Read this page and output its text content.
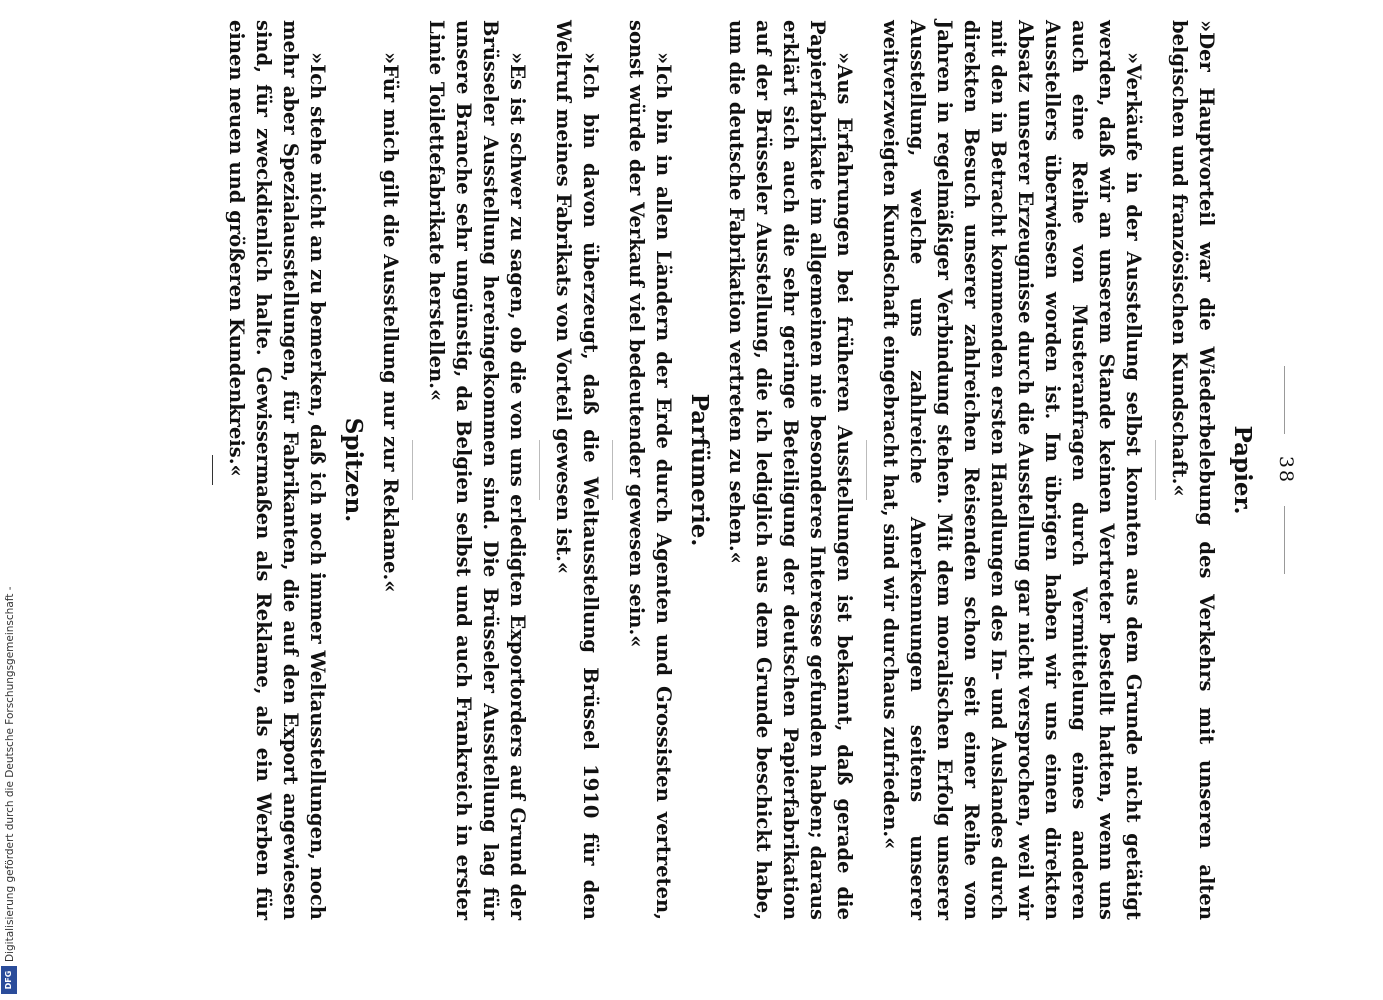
38
Papier.

»Der Hauptvorteil war die Wiederbelebung des Verkehrs mit unseren alten belgischen und französischen Kundschaft.«

»Verkäufe in der Ausstellung selbst konnten aus dem Grunde nicht getätigt werden, daß wir an unserem Stande keinen Vertreter bestellt hatten, wenn uns auch eine Reihe von Musteranfragen durch Vermittelung eines anderen Ausstellers überwiesen worden ist. Im übrigen haben wir uns einen direkten Absatz unserer Erzeugnisse durch die Ausstellung gar nicht versprochen, weil wir mit den in Betracht kommenden ersten Handlungen des In- und Auslandes durch direkten Besuch unserer zahlreichen Reisenden schon seit einer Reihe von Jahren in regelmäßiger Verbindung stehen. Mit dem moralischen Erfolg unserer Ausstellung, welche uns zahlreiche Anerkennungen seitens unserer weitverzweigten Kundschaft eingebracht hat, sind wir durchaus zufrieden.«

»Aus Erfahrungen bei früheren Ausstellungen ist bekannt, daß gerade die Papierfabrikate im allgemeinen nie besonderes Interesse gefunden haben; daraus erklärt sich auch die sehr geringe Beteiligung der deutschen Papierfabrikation auf der Brüsseler Ausstellung, die ich lediglich aus dem Grunde beschickt habe, um die deutsche Fabrikation vertreten zu sehen.«

Parfümerie.

»Ich bin in allen Ländern der Erde durch Agenten und Grossisten vertreten, sonst würde der Verkauf viel bedeutender gewesen sein.«

»Ich bin davon überzeugt, daß die Weltausstellung Brüssel 1910 für den Weltruf meines Fabrikats von Vorteil gewesen ist.«

»Es ist schwer zu sagen, ob die von uns erledigten Exportorders auf Grund der Brüsseler Ausstellung hereingekommen sind. Die Brüsseler Ausstellung lag für unsere Branche sehr ungünstig, da Belgien selbst und auch Frankreich in erster Linie Toilettefabrikate herstellen.«

»Für mich gilt die Ausstellung nur zur Reklame.«

Spitzen.

»Ich stehe nicht an zu bemerken, daß ich noch immer Weltausstellungen, noch mehr aber Spezialausstellungen, für Fabrikanten, die auf den Export angewiesen sind, für zweckdienlich halte. Gewissermaßen als Reklame, als ein Werben für einen neuen und größeren Kundenkreis.«

Digitalisierung gefördert durch die Deutsche Forschungsgemeinschaft -
DFG
